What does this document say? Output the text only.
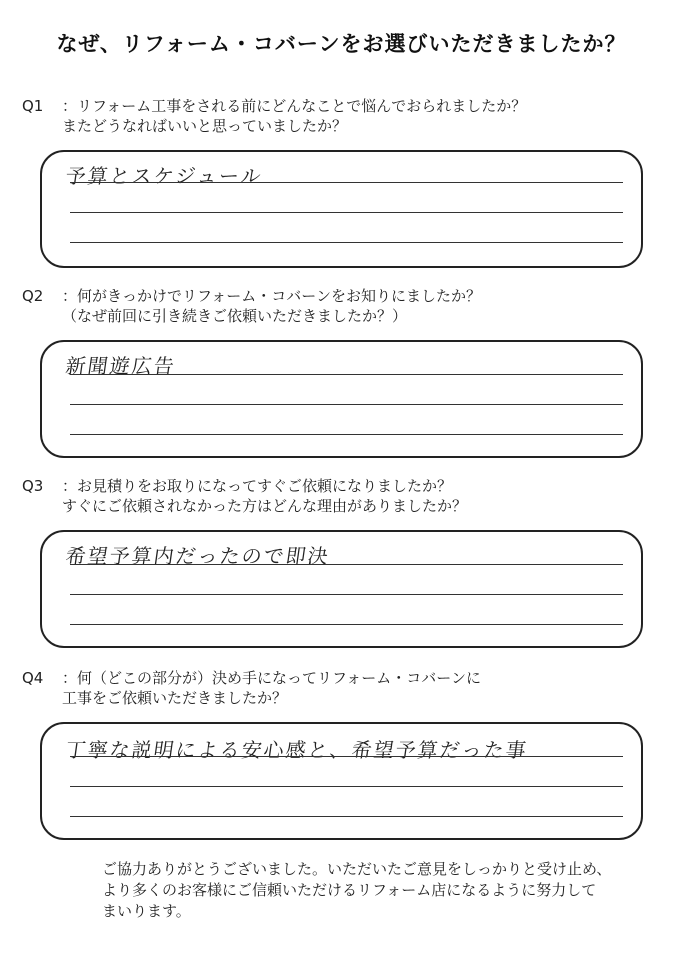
なぜ、リフォーム・コバーンをお選びいただきましたか？
Q1 ：リフォーム工事をされる前にどんなことで悩んでおられましたか？
またどうなればいいと思っていましたか？
予算とスケジュール
Q2 ：何がきっかけでリフォーム・コバーンをお知りにましたか？
（なぜ前回に引き続きご依頼いただきましたか？）
新聞遊広告
Q3 ：お見積りをお取りになってすぐご依頼になりましたか？
すぐにご依頼されなかった方はどんな理由がありましたか？
希望予算内だったので即決
Q4 ：何（どこの部分が）決め手になってリフォーム・コバーンに
工事をご依頼いただきましたか？
丁寧な説明による安心感と、希望予算だった事
ご協力ありがとうございました。いただいたご意見をしっかりと受け止め、
より多くのお客様にご信頼いただけるリフォーム店になるように努力して
まいります。
